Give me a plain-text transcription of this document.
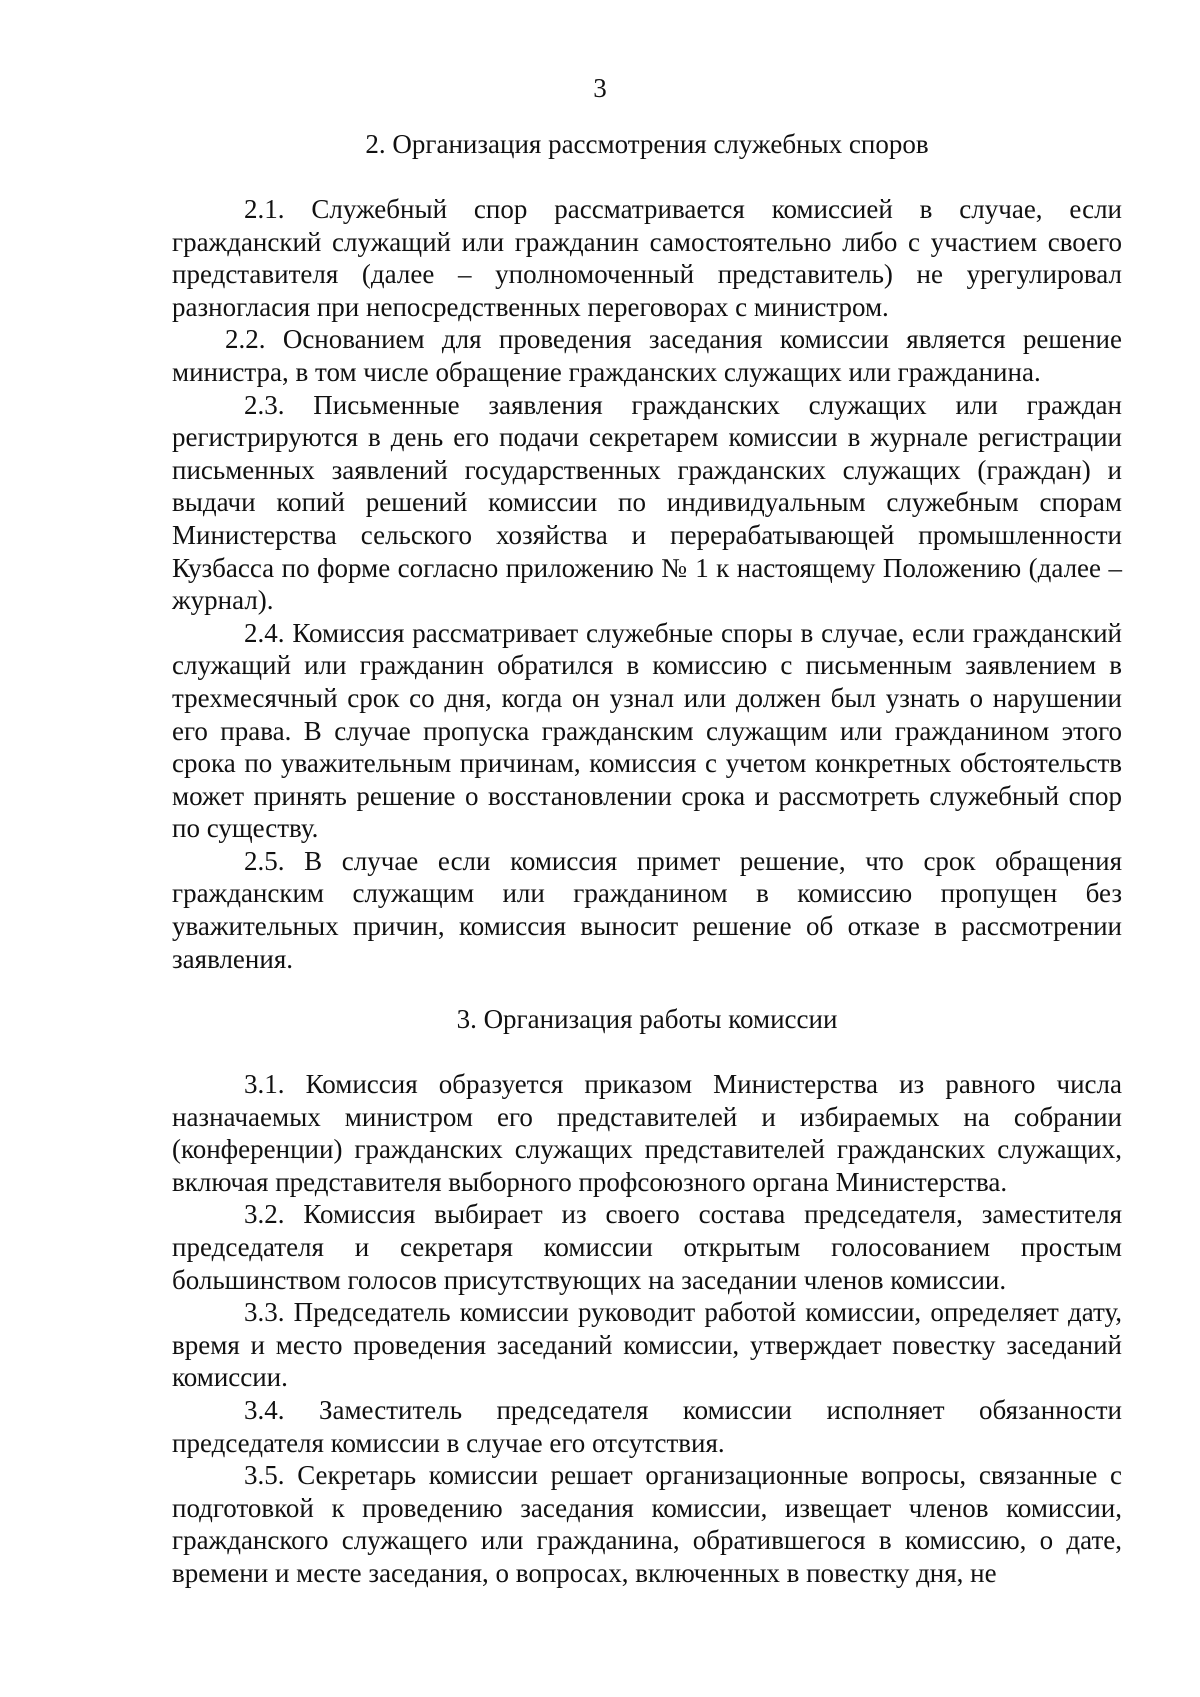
3
2. Организация рассмотрения служебных споров

2.1. Служебный спор рассматривается комиссией в случае, если гражданский служащий или гражданин самостоятельно либо с участием своего представителя (далее – уполномоченный представитель) не урегулировал разногласия при непосредственных переговорах с министром.

2.2. Основанием для проведения заседания комиссии является решение министра, в том числе обращение гражданских служащих или гражданина.

2.3. Письменные заявления гражданских служащих или граждан регистрируются в день его подачи секретарем комиссии в журнале регистрации письменных заявлений государственных гражданских служащих (граждан) и выдачи копий решений комиссии по индивидуальным служебным спорам Министерства сельского хозяйства и перерабатывающей промышленности Кузбасса по форме согласно приложению № 1 к настоящему Положению (далее – журнал).

2.4. Комиссия рассматривает служебные споры в случае, если гражданский служащий или гражданин обратился в комиссию с письменным заявлением в трехмесячный срок со дня, когда он узнал или должен был узнать о нарушении его права. В случае пропуска гражданским служащим или гражданином этого срока по уважительным причинам, комиссия с учетом конкретных обстоятельств может принять решение о восстановлении срока и рассмотреть служебный спор по существу.

2.5. В случае если комиссия примет решение, что срок обращения гражданским служащим или гражданином в комиссию пропущен без уважительных причин, комиссия выносит решение об отказе в рассмотрении заявления.

3. Организация работы комиссии

3.1. Комиссия образуется приказом Министерства из равного числа назначаемых министром его представителей и избираемых на собрании (конференции) гражданских служащих представителей гражданских служащих, включая представителя выборного профсоюзного органа Министерства.

3.2. Комиссия выбирает из своего состава председателя, заместителя председателя и секретаря комиссии открытым голосованием простым большинством голосов присутствующих на заседании членов комиссии.

3.3. Председатель комиссии руководит работой комиссии, определяет дату, время и место проведения заседаний комиссии, утверждает повестку заседаний комиссии.

3.4. Заместитель председателя комиссии исполняет обязанности председателя комиссии в случае его отсутствия.

3.5. Секретарь комиссии решает организационные вопросы, связанные с подготовкой к проведению заседания комиссии, извещает членов комиссии, гражданского служащего или гражданина, обратившегося в комиссию, о дате, времени и месте заседания, о вопросах, включенных в повестку дня, не
